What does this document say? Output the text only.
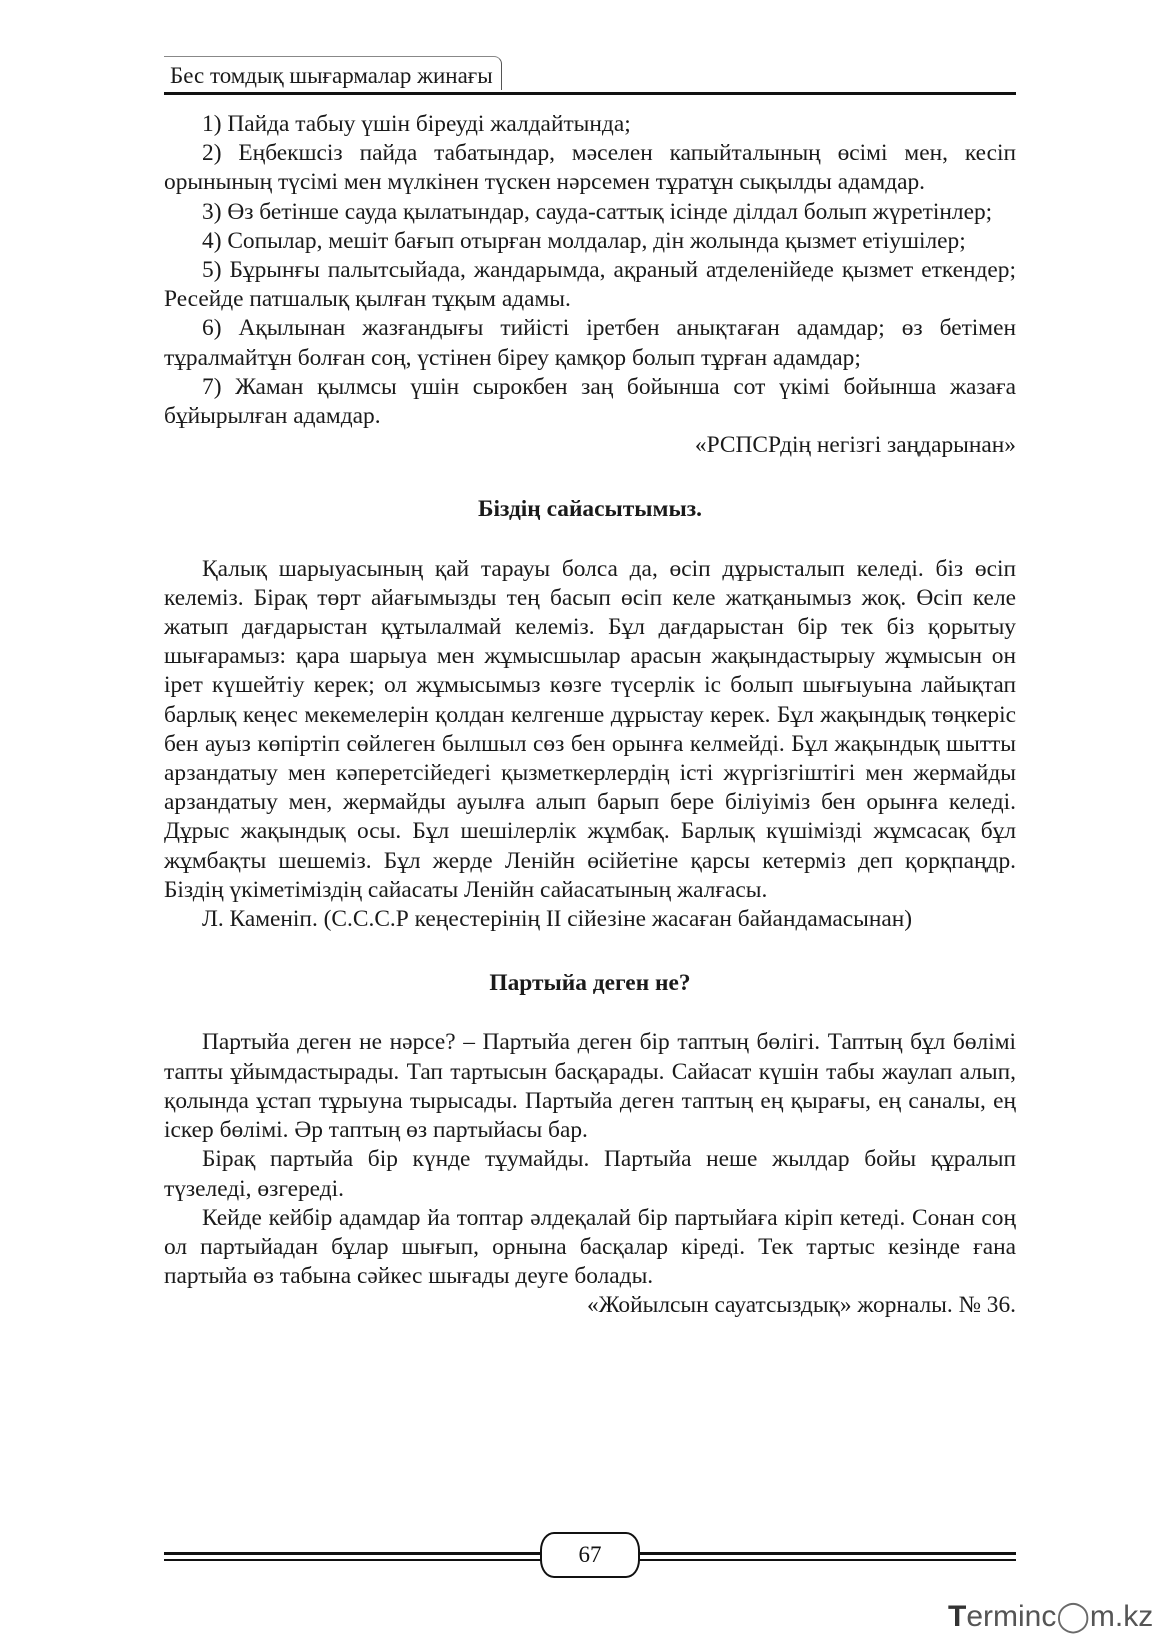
Бес томдық шығармалар жинағы

1) Пайда табыу үшін біреуді жалдайтында;

2) Еңбекшсіз пайда табатындар, мәселен капыйталының өсімі мен, кесіп орынының түсімі мен мүлкінен түскен нәрсемен тұратұн сықылды адамдар.

3) Өз бетінше сауда қылатындар, сауда-саттық ісінде ділдал болып жүретінлер;

4) Сопылар, мешіт бағып отырған молдалар, дін жолында қызмет етіушілер;

5) Бұрынғы палытсыйада, жандарымда, ақраный атделенійеде қызмет еткендер; Ресейде патшалық қылған тұқым адамы.

6) Ақылынан жазғандығы тийісті іретбен анықтаған адамдар; өз бетімен тұралмайтұн болған соң, үстінен біреу қамқор болып тұрған адамдар;

7) Жаман қылмсы үшін сырокбен заң бойынша сот үкімі бойынша жазаға бұйырылған адамдар.

«РСПСРдің негізгі заңдарынан»

Біздің сайасытымыз.

Қалық шарыуасының қай тарауы болса да, өсіп дұрысталып келеді. біз өсіп келеміз. Бірақ төрт айағымызды тең басып өсіп келе жатқанымыз жоқ. Өсіп келе жатып дағдарыстан құтылалмай келеміз. Бұл дағдарыстан бір тек біз қорытыу шығарамыз: қара шарыуа мен жұмысшылар арасын жақындастырыу жұмысын он ірет күшейтіу керек; ол жұмысымыз көзге түсерлік іс болып шығыуына лайықтап барлық кеңес мекемелерін қолдан келгенше дұрыстау керек. Бұл жақындық төңкеріс бен ауыз көпіртіп сөйлеген былшыл сөз бен орынға келмейді. Бұл жақындық шытты арзандатыу мен кәперетсійедегі қызметкерлердің істі жүргізгіштігі мен жермайды арзандатыу мен, жермайды ауылға алып барып бере біліуіміз бен орынға келеді. Дұрыс жақындық осы. Бұл шешілерлік жұмбақ. Барлық күшімізді жұмсасақ бұл жұмбақты шешеміз. Бұл жерде Ленійн өсійетіне қарсы кетерміз деп қорқпаңдр. Біздің үкіметіміздің сайасаты Ленійн сайасатының жалғасы.

Л. Каменіп. (С.С.С.Р кеңестерінің ІІ сійезіне жасаған байандамасынан)

Партыйа деген не?

Партыйа деген не нәрсе? – Партыйа деген бір таптың бөлігі. Таптың бұл бөлімі тапты ұйымдастырады. Тап тартысын басқарады. Сайасат күшін табы жаулап алып, қолында ұстап тұрыуна тырысады. Партыйа деген таптың ең қырағы, ең саналы, ең іскер бөлімі. Әр таптың өз партыйасы бар.

Бірақ партыйа бір күнде тұумайды. Партыйа неше жылдар бойы құралып түзеледі, өзгереді.

Кейде кейбір адамдар йа топтар әлдеқалай бір партыйаға кіріп кетеді. Сонан соң ол партыйадан бұлар шығып, орнына басқалар кіреді. Тек тартыс кезінде ғана партыйа өз табына сәйкес шығады деуге болады.

«Жойылсын сауатсыздық» жорналы. № 36.

67
Terminc◯m.kz
